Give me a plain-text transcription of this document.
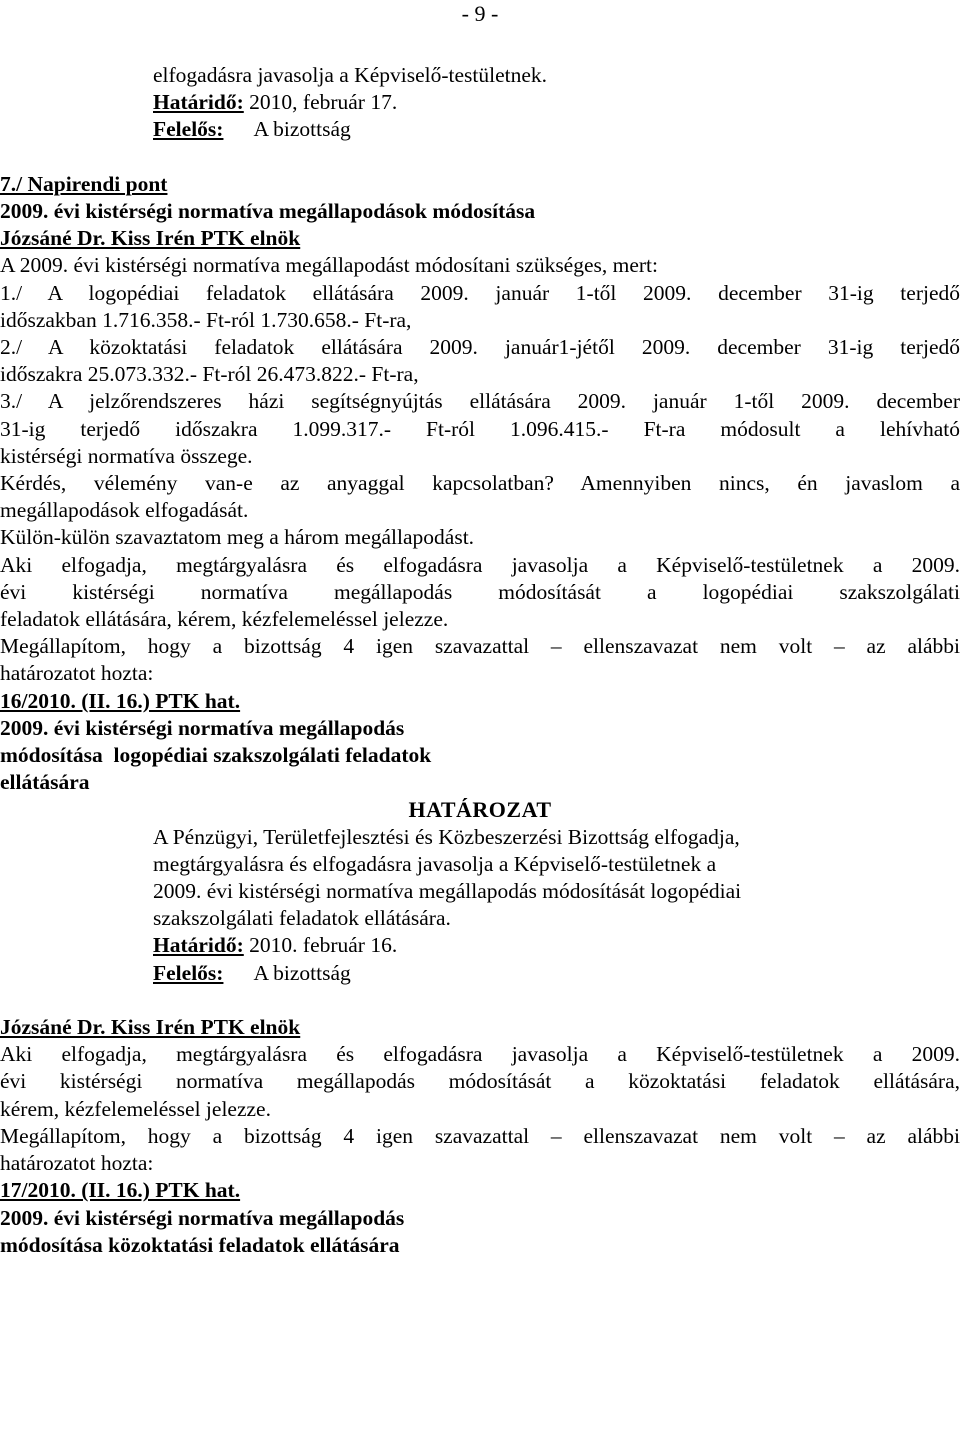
- 9 -

elfogadásra javasolja a Képviselő-testületnek.

Határidő: 2010, február 17.

Felelős: A bizottság

7./ Napirendi pont

2009. évi kistérségi normatíva megállapodások módosítása

Józsáné Dr. Kiss Irén PTK elnök

A 2009. évi kistérségi normatíva megállapodást módosítani szükséges, mert:

1./ A logopédiai feladatok ellátására 2009. január 1-től 2009. december 31-ig terjedő

időszakban 1.716.358.- Ft-ról 1.730.658.- Ft-ra,

2./ A közoktatási feladatok ellátására 2009. január1-jétől 2009. december 31-ig terjedő

időszakra 25.073.332.- Ft-ról 26.473.822.- Ft-ra,

3./ A jelzőrendszeres házi segítségnyújtás ellátására 2009. január 1-től 2009. december

31-ig terjedő időszakra 1.099.317.- Ft-ról 1.096.415.- Ft-ra módosult a lehívható

kistérségi normatíva összege.

Kérdés, vélemény van-e az anyaggal kapcsolatban? Amennyiben nincs, én javaslom a

megállapodások elfogadását.

Külön-külön szavaztatom meg a három megállapodást.

Aki elfogadja, megtárgyalásra és elfogadásra javasolja a Képviselő-testületnek a 2009.

évi kistérségi normatíva megállapodás módosítását a logopédiai szakszolgálati

feladatok ellátására, kérem, kézfelemeléssel jelezze.

Megállapítom, hogy a bizottság 4 igen szavazattal – ellenszavazat nem volt – az alábbi

határozatot hozta:

16/2010. (II. 16.) PTK hat.

2009. évi kistérségi normatíva megállapodás

módosítása  logopédiai szakszolgálati feladatok

ellátására

HATÁROZAT

A Pénzügyi, Területfejlesztési és Közbeszerzési Bizottság elfogadja,

megtárgyalásra és elfogadásra javasolja a Képviselő-testületnek a

2009. évi kistérségi normatíva megállapodás módosítását logopédiai

szakszolgálati feladatok ellátására.

Határidő: 2010. február 16.

Felelős: A bizottság

Józsáné Dr. Kiss Irén PTK elnök

Aki elfogadja, megtárgyalásra és elfogadásra javasolja a Képviselő-testületnek a 2009.

évi kistérségi normatíva megállapodás módosítását a közoktatási feladatok ellátására,

kérem, kézfelemeléssel jelezze.

Megállapítom, hogy a bizottság 4 igen szavazattal – ellenszavazat nem volt – az alábbi

határozatot hozta:

17/2010. (II. 16.) PTK hat.

2009. évi kistérségi normatíva megállapodás

módosítása közoktatási feladatok ellátására
